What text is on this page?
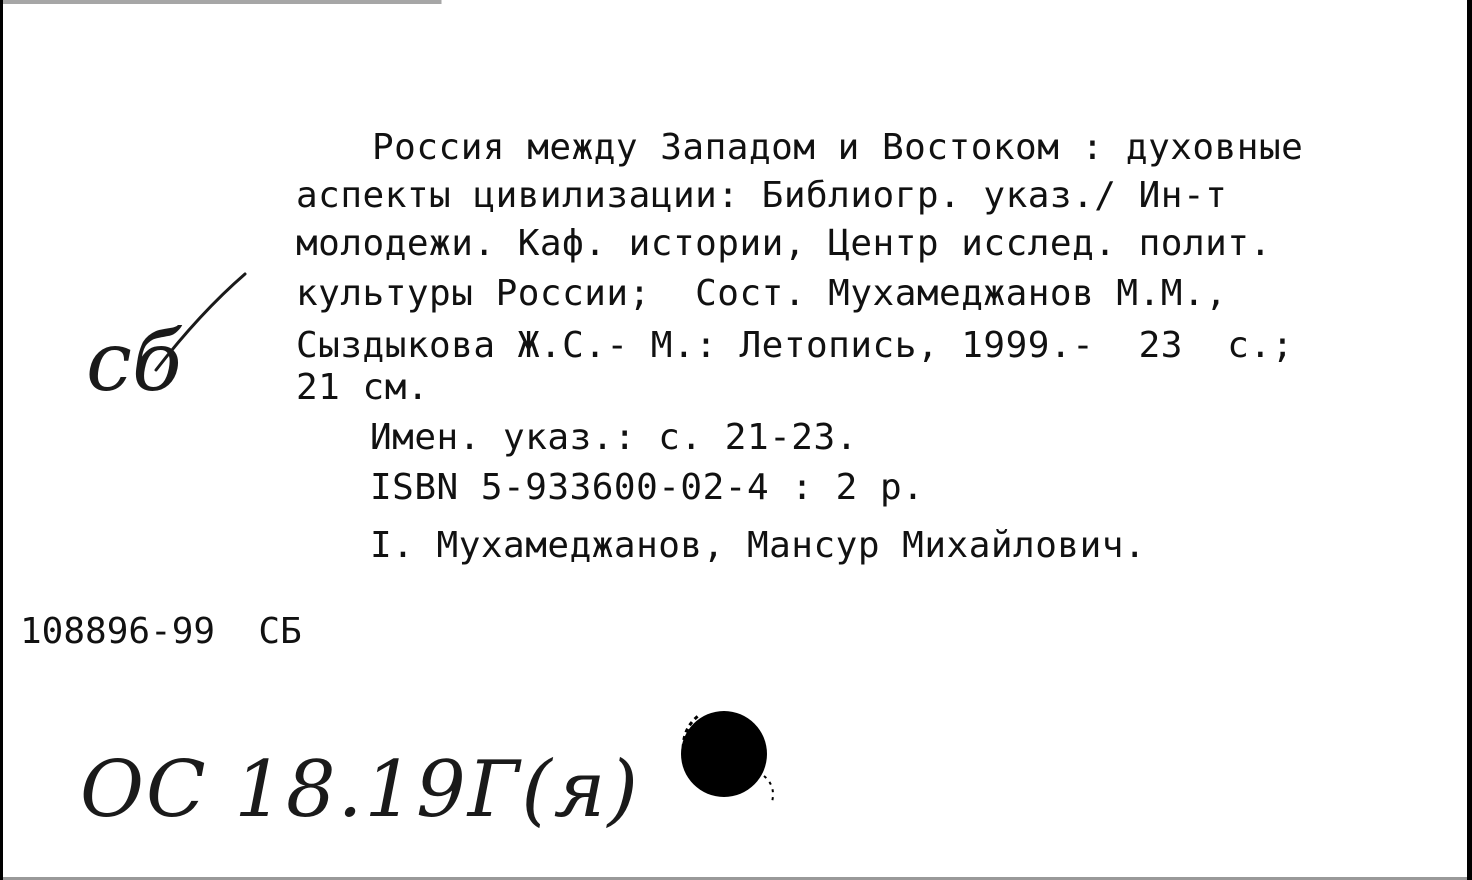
Россия между Западом и Востоком : духовные
аспекты цивилизации: Библиогр. указ./ Ин-т
молодежи. Каф. истории, Центр исслед. полит.
культуры России;  Сост. Мухамеджанов М.М.,
Сыздыкова Ж.С.- М.: Летопись, 1999.-  23  с.;
21 см.
Имен. указ.: с. 21-23.
ISBN 5-933600-02-4 : 2 р.
I. Мухамеджанов, Мансур Михайлович.
108896-99  СБ
сб
ОС 18.19Г(я)
